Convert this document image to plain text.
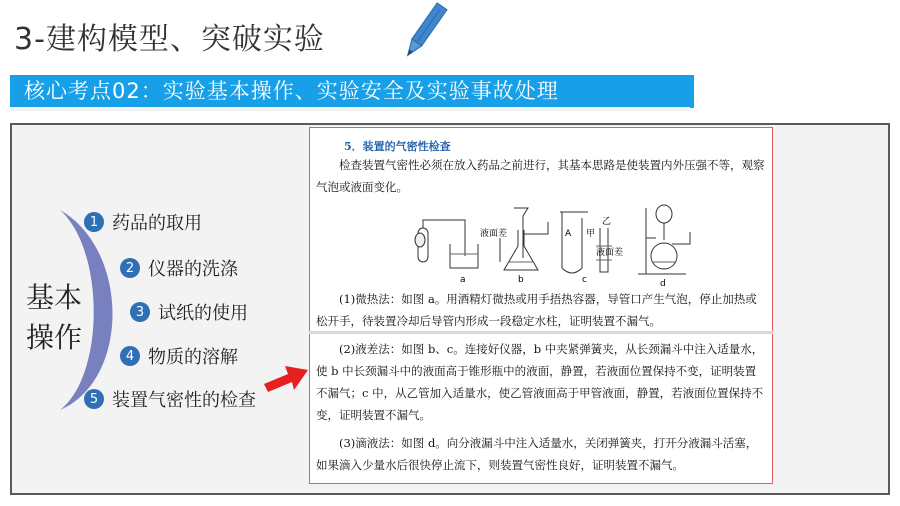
3-建构模型、突破实验
核心考点02：实验基本操作、实验安全及实验事故处理
基本操作
1 药品的取用
2 仪器的洗涤
3 试纸的使用
4 物质的溶解
5 装置气密性的检查
5．装置的气密性检查

检查装置气密性必须在放入药品之前进行，其基本思路是使装置内外压强不等，观察气泡或液面变化。

a
液面差
b
A 甲
乙
液面差
c	d

(1)微热法：如图 a。用酒精灯微热或用手捂热容器，导管口产生气泡，停止加热或松开手，待装置冷却后导管内形成一段稳定水柱，证明装置不漏气。

(2)液差法：如图 b、c。连接好仪器，b 中夹紧弹簧夹，从长颈漏斗中注入适量水，使 b 中长颈漏斗中的液面高于锥形瓶中的液面，静置，若液面位置保持不变，证明装置不漏气；c 中，从乙管加入适量水，使乙管液面高于甲管液面，静置，若液面位置保持不变，证明装置不漏气。

(3)滴液法：如图 d。向分液漏斗中注入适量水，关闭弹簧夹，打开分液漏斗活塞，如果滴入少量水后很快停止流下，则装置气密性良好，证明装置不漏气。
